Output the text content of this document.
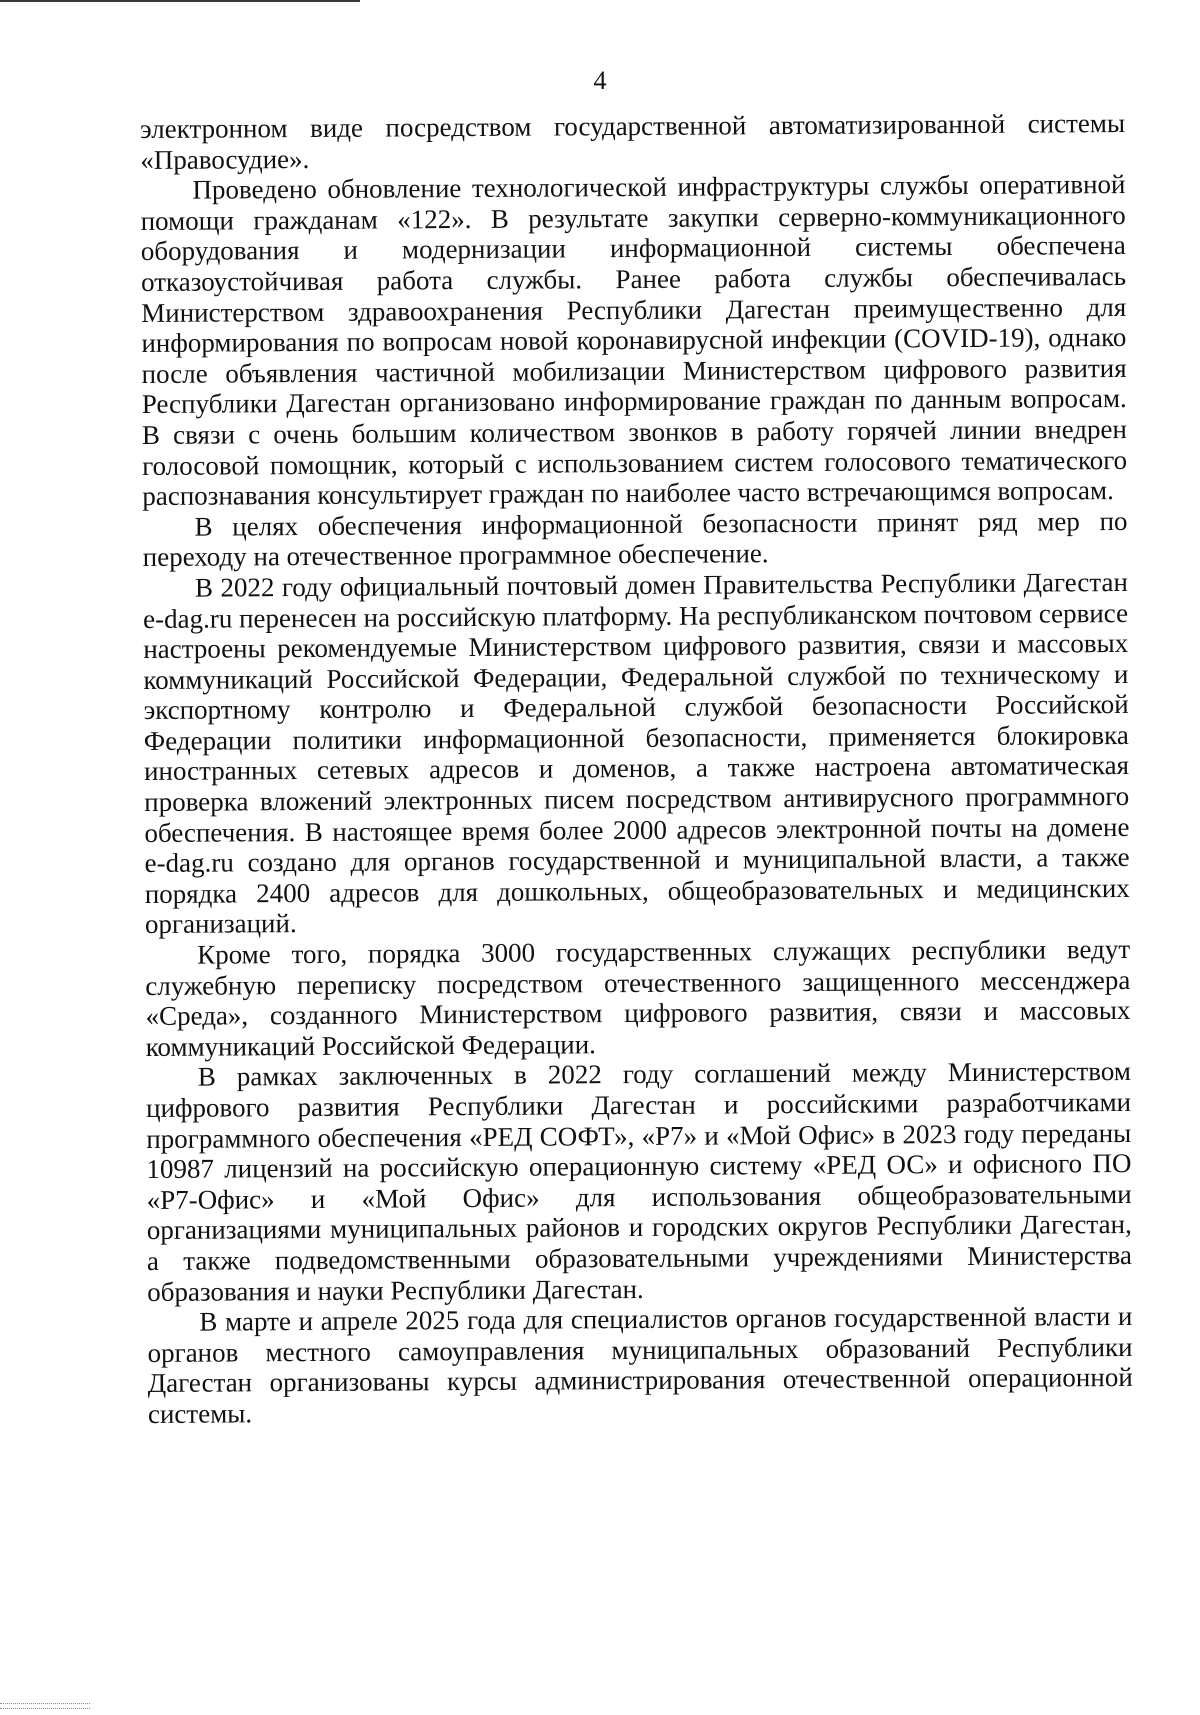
4

электронном виде посредством государственной автоматизированной системы «Правосудие».

Проведено обновление технологической инфраструктуры службы оперативной помощи гражданам «122». В результате закупки серверно-коммуникационного оборудования и модернизации информационной системы обеспечена отказоустойчивая работа службы. Ранее работа службы обеспечивалась Министерством здравоохранения Республики Дагестан преимущественно для информирования по вопросам новой коронавирусной инфекции (COVID-19), однако после объявления частичной мобилизации Министерством цифрового развития Республики Дагестан организовано информирование граждан по данным вопросам. В связи с очень большим количеством звонков в работу горячей линии внедрен голосовой помощник, который с использованием систем голосового тематического распознавания консультирует граждан по наиболее часто встречающимся вопросам.

В целях обеспечения информационной безопасности принят ряд мер по переходу на отечественное программное обеспечение.

В 2022 году официальный почтовый домен Правительства Республики Дагестан e-dag.ru перенесен на российскую платформу. На республиканском почтовом сервисе настроены рекомендуемые Министерством цифрового развития, связи и массовых коммуникаций Российской Федерации, Федеральной службой по техническому и экспортному контролю и Федеральной службой безопасности Российской Федерации политики информационной безопасности, применяется блокировка иностранных сетевых адресов и доменов, а также настроена автоматическая проверка вложений электронных писем посредством антивирусного программного обеспечения. В настоящее время более 2000 адресов электронной почты на домене e-dag.ru создано для органов государственной и муниципальной власти, а также порядка 2400 адресов для дошкольных, общеобразовательных и медицинских организаций.

Кроме того, порядка 3000 государственных служащих республики ведут служебную переписку посредством отечественного защищенного мессенджера «Среда», созданного Министерством цифрового развития, связи и массовых коммуникаций Российской Федерации.

В рамках заключенных в 2022 году соглашений между Министерством цифрового развития Республики Дагестан и российскими разработчиками программного обеспечения «РЕД СОФТ», «Р7» и «Мой Офис» в 2023 году переданы 10987 лицензий на российскую операционную систему «РЕД ОС» и офисного ПО «Р7-Офис» и «Мой Офис» для использования общеобразовательными организациями муниципальных районов и городских округов Республики Дагестан, а также подведомственными образовательными учреждениями Министерства образования и науки Республики Дагестан.

В марте и апреле 2025 года для специалистов органов государственной власти и органов местного самоуправления муниципальных образований Республики Дагестан организованы курсы администрирования отечественной операционной системы.
